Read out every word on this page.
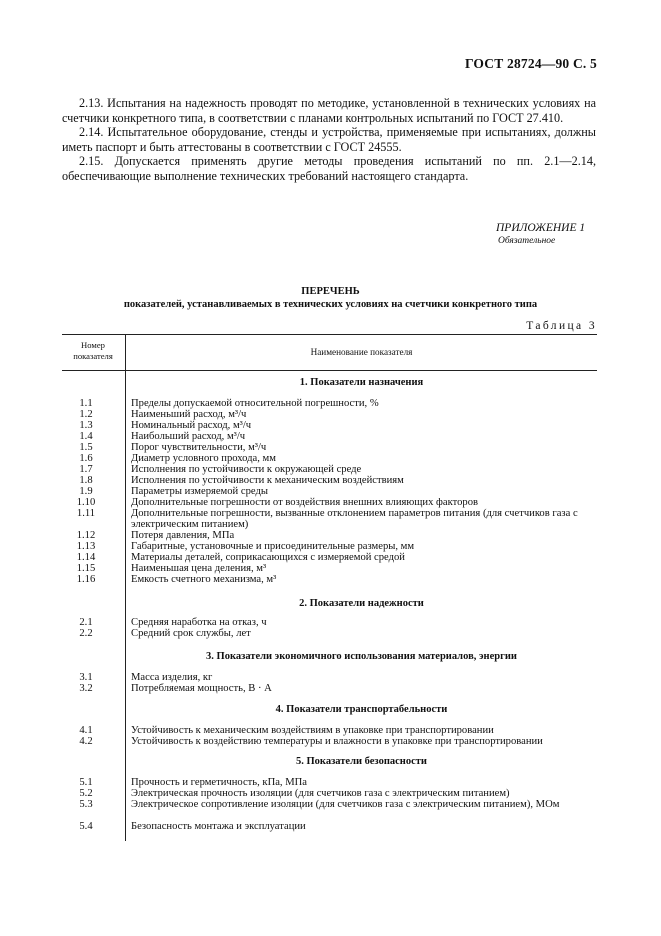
ГОСТ 28724—90 С. 5

2.13. Испытания на надежность проводят по методике, установленной в технических условиях на счетчики конкретного типа, в соответствии с планами контрольных испытаний по ГОСТ 27.410.

2.14. Испытательное оборудование, стенды и устройства, применяемые при испытаниях, должны иметь паспорт и быть аттестованы в соответствии с ГОСТ 24555.

2.15. Допускается применять другие методы проведения испытаний по пп. 2.1—2.14, обеспечивающие выполнение технических требований настоящего стандарта.

ПРИЛОЖЕНИЕ 1
Обязательное
ПЕРЕЧЕНЬ
показателей, устанавливаемых в технических условиях на счетчики конкретного типа
Таблица 3
Номер
показателя	Наименование показателя
1. Показатели назначения
1.1	Пределы допускаемой относительной погрешности, %
1.2	Наименьший расход, м³/ч
1.3	Номинальный расход, м³/ч
1.4	Наибольший расход, м³/ч
1.5	Порог чувствительности, м³/ч
1.6	Диаметр условного прохода, мм
1.7	Исполнения по устойчивости к окружающей среде
1.8	Исполнения по устойчивости к механическим воздействиям
1.9	Параметры измеряемой среды
1.10	Дополнительные погрешности от воздействия внешних влияющих факторов
1.11	Дополнительные погрешности, вызванные отклонением параметров питания (для счетчиков газа с электрическим питанием)
1.12	Потеря давления, МПа
1.13	Габаритные, установочные и присоединительные размеры, мм
1.14	Материалы деталей, соприкасающихся с измеряемой средой
1.15	Наименьшая цена деления, м³
1.16	Емкость счетного механизма, м³
2. Показатели надежности
2.1	Средняя наработка на отказ, ч
2.2	Средний срок службы, лет
3. Показатели экономичного использования материалов, энергии
3.1	Масса изделия, кг
3.2	Потребляемая мощность, В · А
4. Показатели транспортабельности
4.1	Устойчивость к механическим воздействиям в упаковке при транспортировании
4.2	Устойчивость к воздействию температуры и влажности в упаковке при транспортировании
5. Показатели безопасности
5.1	Прочность и герметичность, кПа, МПа
5.2	Электрическая прочность изоляции (для счетчиков газа с электрическим питанием)
5.3	Электрическое сопротивление изоляции (для счетчиков газа с электрическим питанием), МОм
5.4	Безопасность монтажа и эксплуатации
